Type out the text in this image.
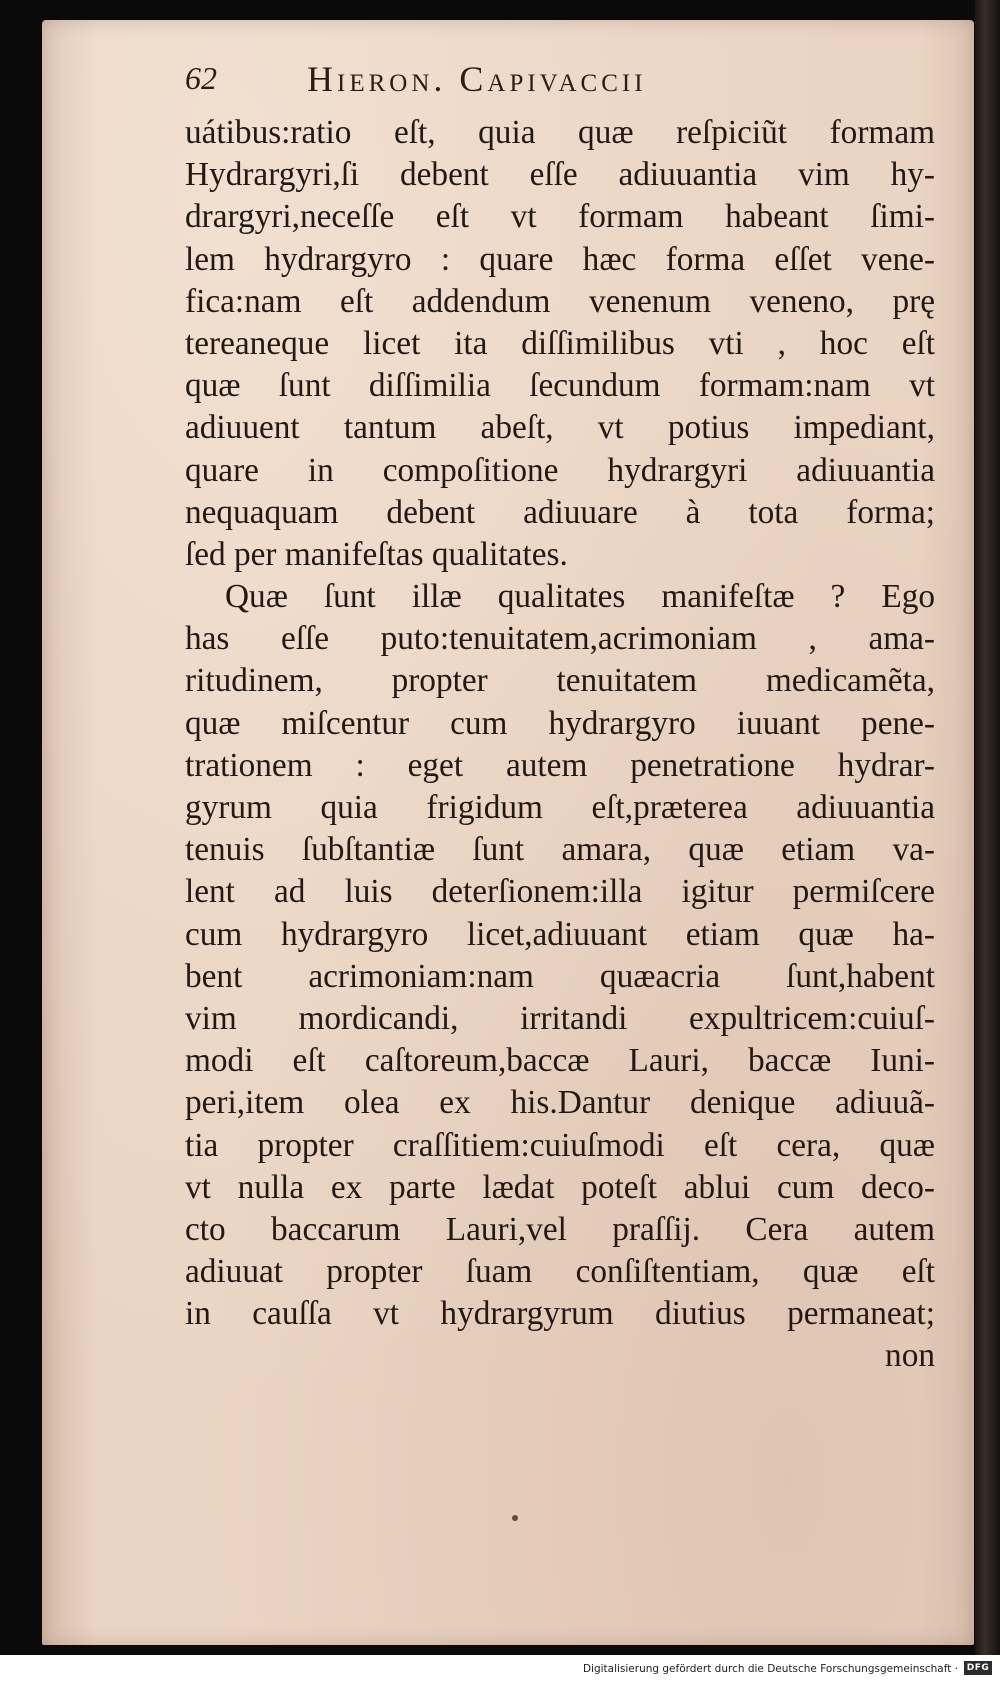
62	Hieron. Capivaccii
uátibus:ratio eſt, quia quæ reſpiciũt formam
Hydrargyri,ſi debent eſſe adiuuantia vim hy-
drargyri,neceſſe eſt vt formam habeant ſimi-
lem hydrargyro : quare hæc forma eſſet vene-
fica:nam eſt addendum venenum veneno, prę
tereaneque licet ita diſſimilibus vti , hoc eſt
quæ ſunt diſſimilia ſecundum formam:nam vt
adiuuent tantum abeſt, vt potius impediant,
quare in compoſitione hydrargyri adiuuantia
nequaquam debent adiuuare à tota forma;
ſed per manifeſtas qualitates.
Quæ ſunt illæ qualitates manifeſtæ ? Ego
has eſſe puto:tenuitatem,acrimoniam , ama-
ritudinem, propter tenuitatem medicamẽta,
quæ miſcentur cum hydrargyro iuuant pene-
trationem : eget autem penetratione hydrar-
gyrum quia frigidum eſt,præterea adiuuantia
tenuis ſubſtantiæ ſunt amara, quæ etiam va-
lent ad luis deterſionem:illa igitur permiſcere
cum hydrargyro licet,adiuuant etiam quæ ha-
bent acrimoniam:nam quæacria ſunt,habent
vim mordicandi, irritandi expultricem:cuiuſ-
modi eſt caſtoreum,baccæ Lauri, baccæ Iuni-
peri,item olea ex his.Dantur denique adiuuã-
tia propter craſſitiem:cuiuſmodi eſt cera, quæ
vt nulla ex parte lædat poteſt ablui cum deco-
cto baccarum Lauri,vel praſſij. Cera autem
adiuuat propter ſuam conſiſtentiam, quæ eſt
in cauſſa vt hydrargyrum diutius permaneat;
non
Digitalisierung gefördert durch die Deutsche Forschungsgemeinschaft · DFG
